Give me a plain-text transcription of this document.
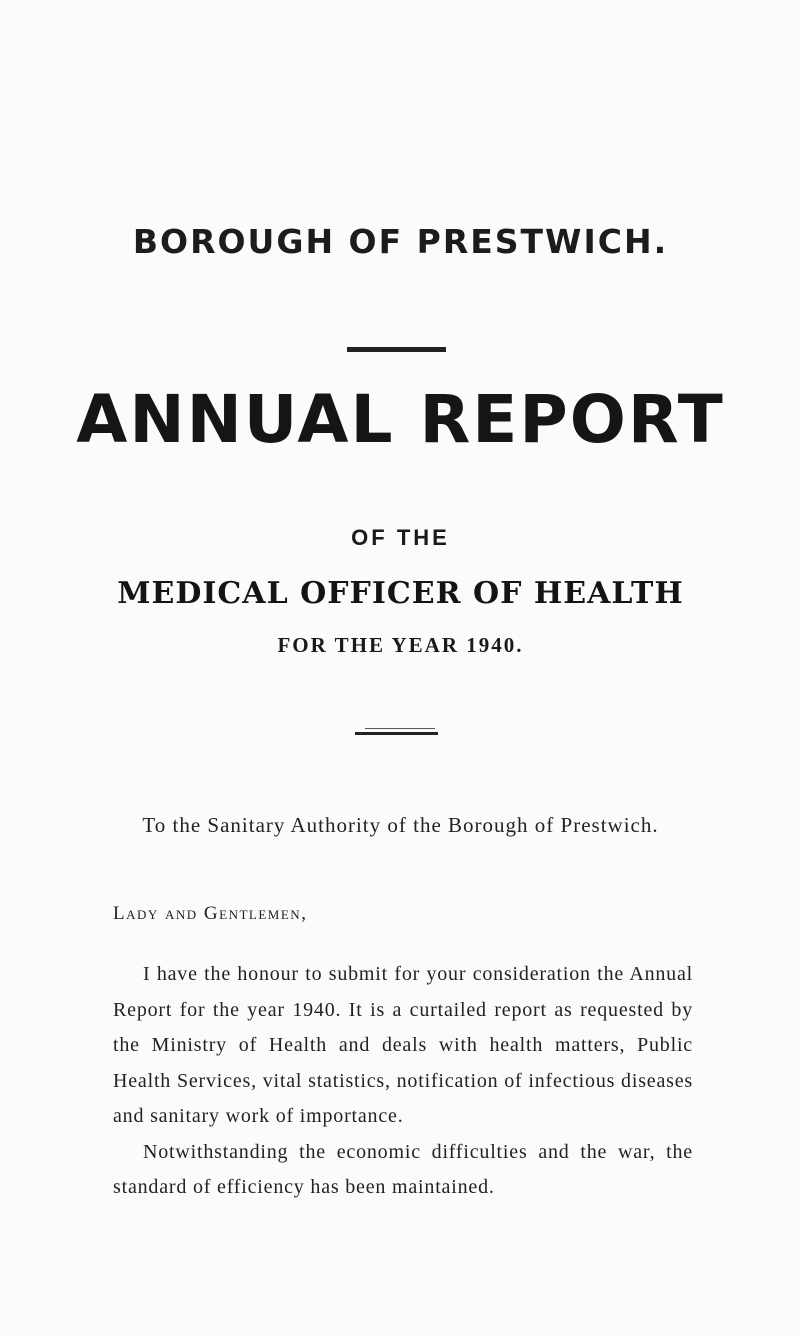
BOROUGH OF PRESTWICH.
ANNUAL REPORT
OF THE
MEDICAL OFFICER OF HEALTH
FOR THE YEAR 1940.
To the Sanitary Authority of the Borough of Prestwich.
Lady and Gentlemen,

I have the honour to submit for your consideration the Annual Report for the year 1940. It is a curtailed report as requested by the Ministry of Health and deals with health matters, Public Health Services, vital statistics, notification of infectious diseases and sanitary work of importance.

Notwithstanding the economic difficulties and the war, the standard of efficiency has been maintained.
